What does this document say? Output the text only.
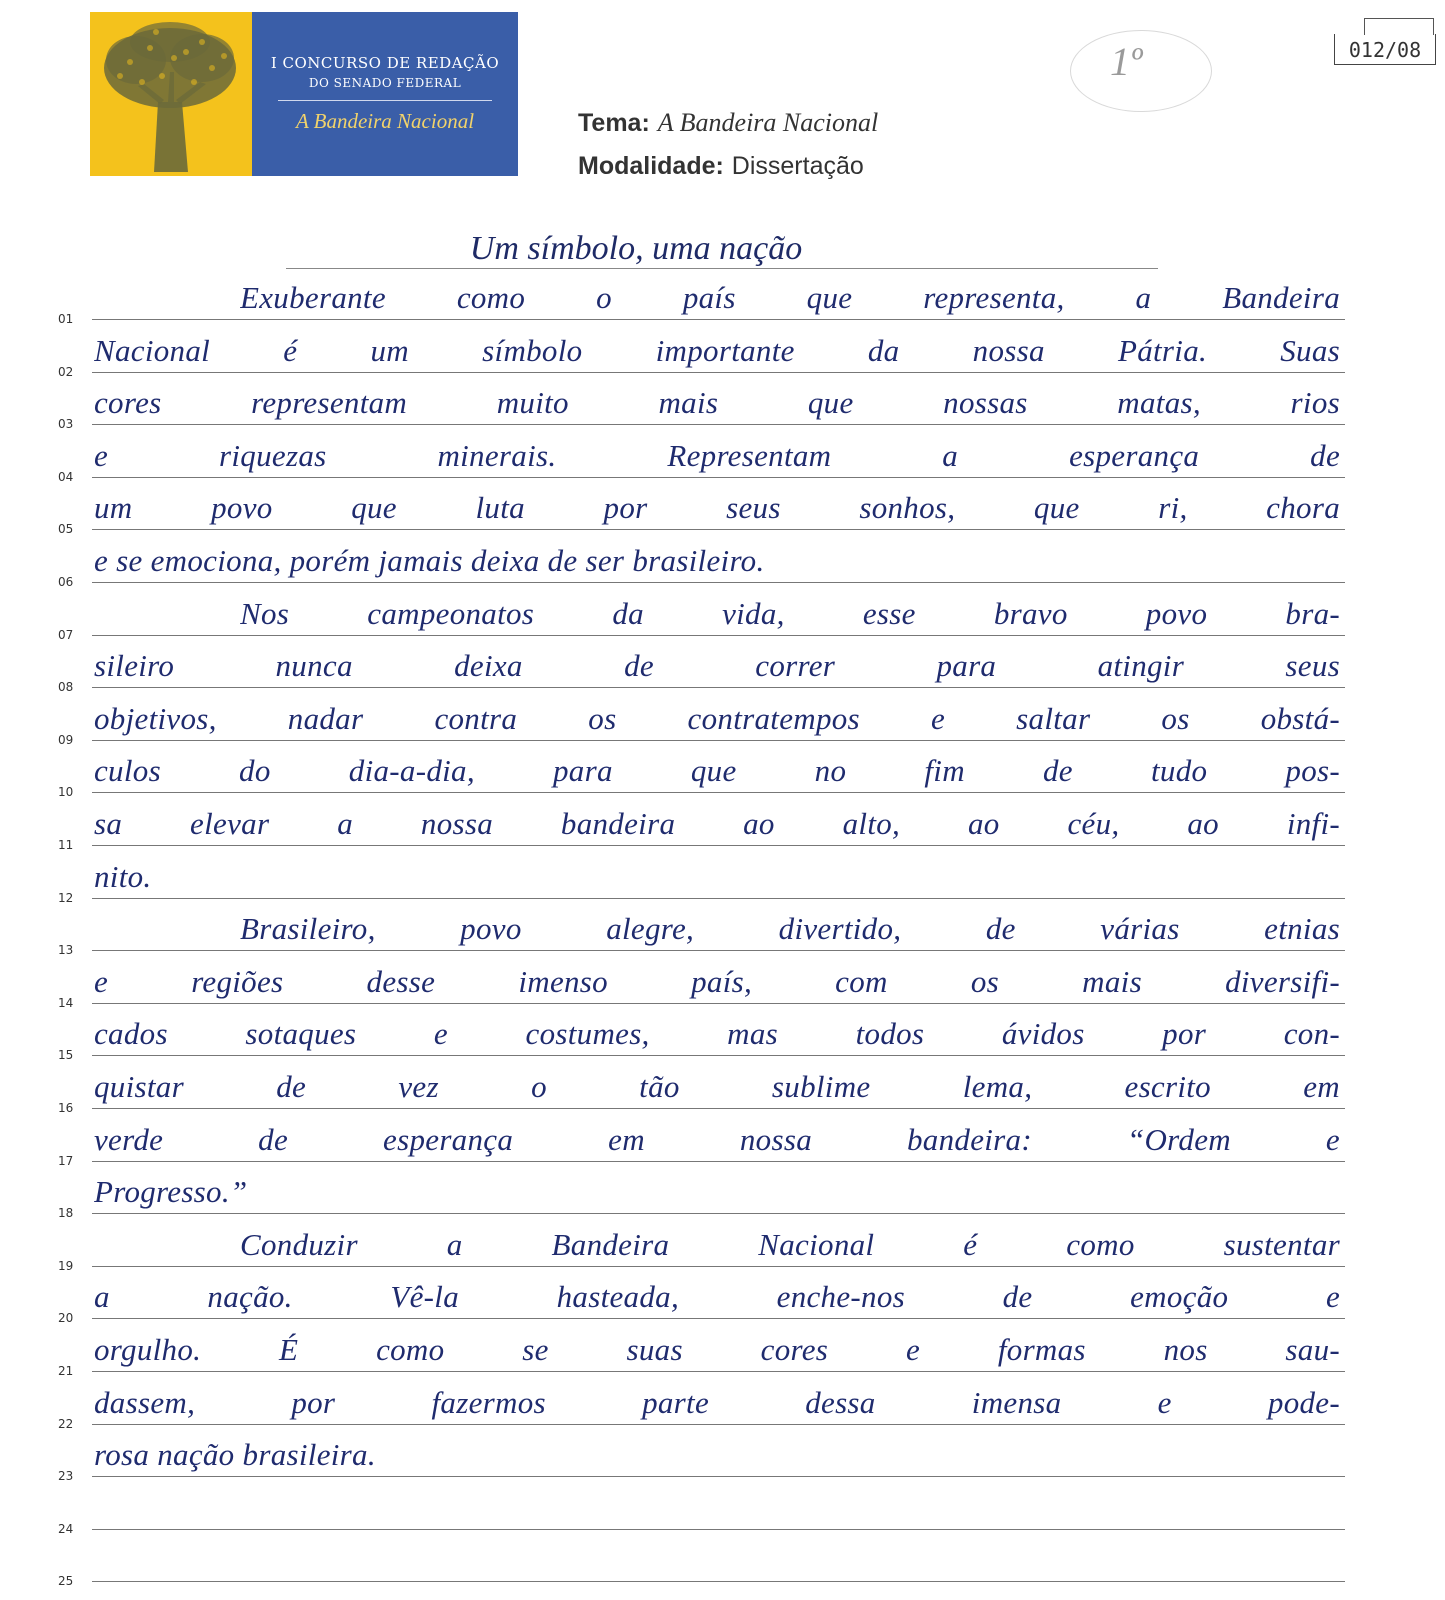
I CONCURSO DE REDAÇÃO
DO SENADO FEDERAL
A Bandeira Nacional
1º	012/08
Tema: A Bandeira Nacional
Modalidade: Dissertação
Um símbolo, uma nação
01
Exuberante como o país que representa, a Bandeira
02
Nacional é um símbolo importante da nossa Pátria. Suas
03
cores representam muito mais que nossas matas, rios
04
e riquezas minerais. Representam a esperança de
05
um povo que luta por seus sonhos, que ri, chora
06
e se emociona, porém jamais deixa de ser brasileiro.
07
Nos campeonatos da vida, esse bravo povo bra-
08
sileiro nunca deixa de correr para atingir seus
09
objetivos, nadar contra os contratempos e saltar os obstá-
10
culos do dia-a-dia, para que no fim de tudo pos-
11
sa elevar a nossa bandeira ao alto, ao céu, ao infi-
12
nito.
13
Brasileiro, povo alegre, divertido, de várias etnias
14
e regiões desse imenso país, com os mais diversifi-
15
cados sotaques e costumes, mas todos ávidos por con-
16
quistar de vez o tão sublime lema, escrito em
17
verde de esperança em nossa bandeira: “Ordem e
18
Progresso.”
19
Conduzir a Bandeira Nacional é como sustentar
20
a nação. Vê-la hasteada, enche-nos de emoção e
21
orgulho. É como se suas cores e formas nos sau-
22
dassem, por fazermos parte dessa imensa e pode-
23
rosa nação brasileira.
24
25
